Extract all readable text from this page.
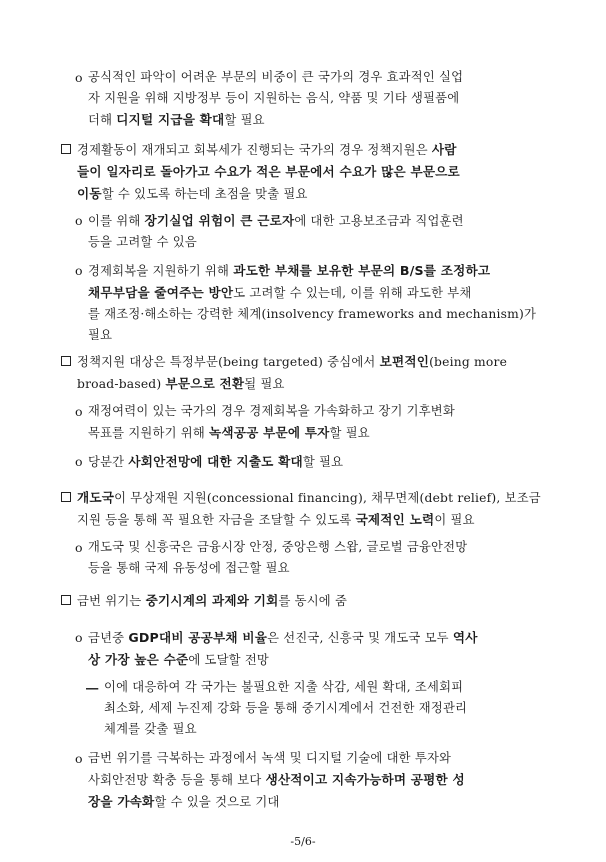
o 공식적인 파악이 어려운 부문의 비중이 큰 국가의 경우 효과적인 실업
자 지원을 위해 지방정부 등이 지원하는 음식, 약품 및 기타 생필품에
더해 디지털 지급을 확대할 필요
경제활동이 재개되고 회복세가 진행되는 국가의 경우 정책지원은 사람
들이 일자리로 돌아가고 수요가 적은 부문에서 수요가 많은 부문으로
이동할 수 있도록 하는데 초점을 맞출 필요
o 이를 위해 장기실업 위험이 큰 근로자에 대한 고용보조금과 직업훈련
등을 고려할 수 있음
o 경제회복을 지원하기 위해 과도한 부채를 보유한 부문의 B/S를 조정하고
채무부담을 줄여주는 방안도 고려할 수 있는데, 이를 위해 과도한 부채
를 재조정·해소하는 강력한 체계(insolvency frameworks and mechanism)가
필요
정책지원 대상은 특정부문(being targeted) 중심에서 보편적인(being more
broad-based) 부문으로 전환될 필요
o 재정여력이 있는 국가의 경우 경제회복을 가속화하고 장기 기후변화
목표를 지원하기 위해 녹색공공 부문에 투자할 필요
o 당분간 사회안전망에 대한 지출도 확대할 필요
개도국이 무상재원 지원(concessional financing), 채무면제(debt relief), 보조금
지원 등을 통해 꼭 필요한 자금을 조달할 수 있도록 국제적인 노력이 필요
o 개도국 및 신흥국은 금융시장 안정, 중앙은행 스왑, 글로벌 금융안전망
등을 통해 국제 유동성에 접근할 필요
금번 위기는 중기시계의 과제와 기회를 동시에 줌
o 금년중 GDP대비 공공부채 비율은 선진국, 신흥국 및 개도국 모두 역사
상 가장 높은 수준에 도달할 전망
― 이에 대응하여 각 국가는 불필요한 지출 삭감, 세원 확대, 조세회피
최소화, 세제 누진제 강화 등을 통해 중기시계에서 건전한 재정관리
체계를 갖출 필요
o 금번 위기를 극복하는 과정에서 녹색 및 디지털 기술에 대한 투자와
사회안전망 확충 등을 통해 보다 생산적이고 지속가능하며 공평한 성
장을 가속화할 수 있을 것으로 기대
-5/6-
